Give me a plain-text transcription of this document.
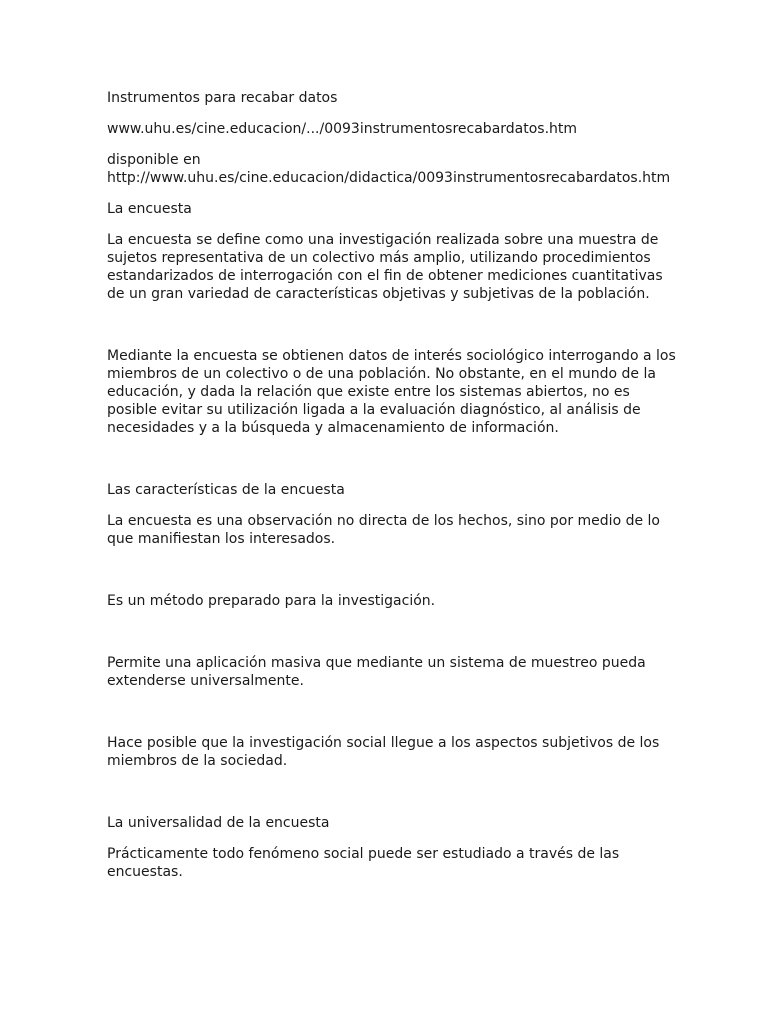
Instrumentos para recabar datos

www.uhu.es/cine.educacion/.../0093instrumentosrecabardatos.htm

disponible en
http://www.uhu.es/cine.educacion/didactica/0093instrumentosrecabardatos.htm

La encuesta

La encuesta se define como una investigación realizada sobre una muestra de
sujetos representativa de un colectivo más amplio, utilizando procedimientos
estandarizados de interrogación con el fin de obtener mediciones cuantitativas
de un gran variedad de características objetivas y subjetivas de la población.

Mediante la encuesta se obtienen datos de interés sociológico interrogando a los
miembros de un colectivo o de una población. No obstante, en el mundo de la
educación, y dada la relación que existe entre los sistemas abiertos, no es
posible evitar su utilización ligada a la evaluación diagnóstico, al análisis de
necesidades y a la búsqueda y almacenamiento de información.

Las características de la encuesta

La encuesta es una observación no directa de los hechos, sino por medio de lo
que manifiestan los interesados.

Es un método preparado para la investigación.

Permite una aplicación masiva que mediante un sistema de muestreo pueda
extenderse universalmente.

Hace posible que la investigación social llegue a los aspectos subjetivos de los
miembros de la sociedad.

La universalidad de la encuesta

Prácticamente todo fenómeno social puede ser estudiado a través de las
encuestas.
